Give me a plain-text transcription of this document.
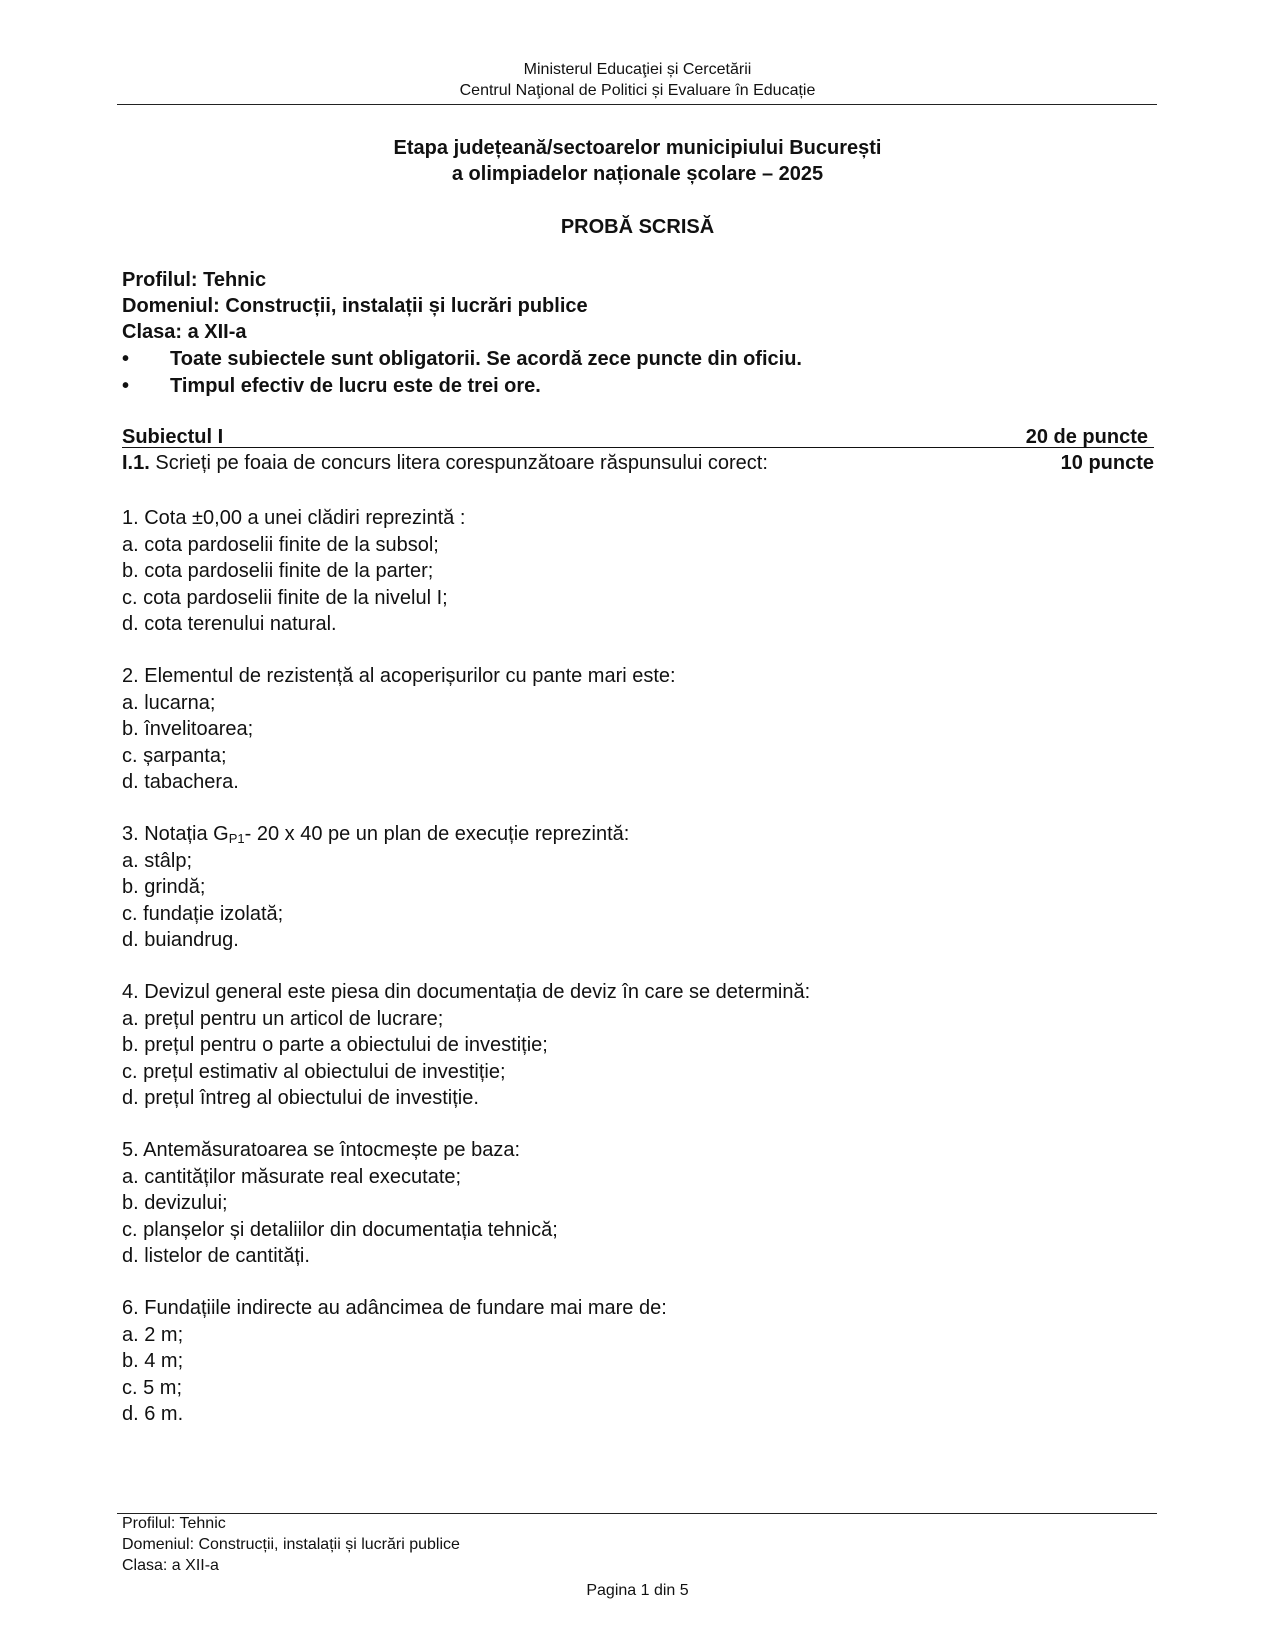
Ministerul Educaţiei și Cercetării
Centrul Naţional de Politici și Evaluare în Educație
Etapa județeană/sectoarelor municipiului București
a olimpiadelor naționale școlare – 2025
PROBĂ SCRISĂ
Profilul: Tehnic
Domeniul: Construcții, instalații și lucrări publice
Clasa: a XII-a
• Toate subiectele sunt obligatorii. Se acordă zece puncte din oficiu.
• Timpul efectiv de lucru este de trei ore.
Subiectul I	20 de puncte
I.1. Scrieți pe foaia de concurs litera corespunzătoare răspunsului corect:	10 puncte
1. Cota ±0,00 a unei clădiri reprezintă :
a. cota pardoselii finite de la subsol;
b. cota pardoselii finite de la parter;
c. cota pardoselii finite de la nivelul I;
d. cota terenului natural.
2. Elementul de rezistență al acoperișurilor cu pante mari este:
a. lucarna;
b. învelitoarea;
c. șarpanta;
d. tabachera.
3. Notația $G_{P1}-$ 20 x 40 pe un plan de execuție reprezintă:
a. stâlp;
b. grindă;
c. fundație izolată;
d. buiandrug.
4. Devizul general este piesa din documentația de deviz în care se determină:
a. prețul pentru un articol de lucrare;
b. prețul pentru o parte a obiectului de investiție;
c. prețul estimativ al obiectului de investiție;
d. prețul întreg al obiectului de investiție.
5. Antemăsuratoarea se întocmește pe baza:
a. cantităților măsurate real executate;
b. devizului;
c. planșelor și detaliilor din documentația tehnică;
d. listelor de cantități.
6. Fundațiile indirecte au adâncimea de fundare mai mare de:
a. 2 m;
b. 4 m;
c. 5 m;
d. 6 m.
Profilul: Tehnic
Domeniul: Construcții, instalații și lucrări publice
Clasa: a XII-a
Pagina 1 din 5
